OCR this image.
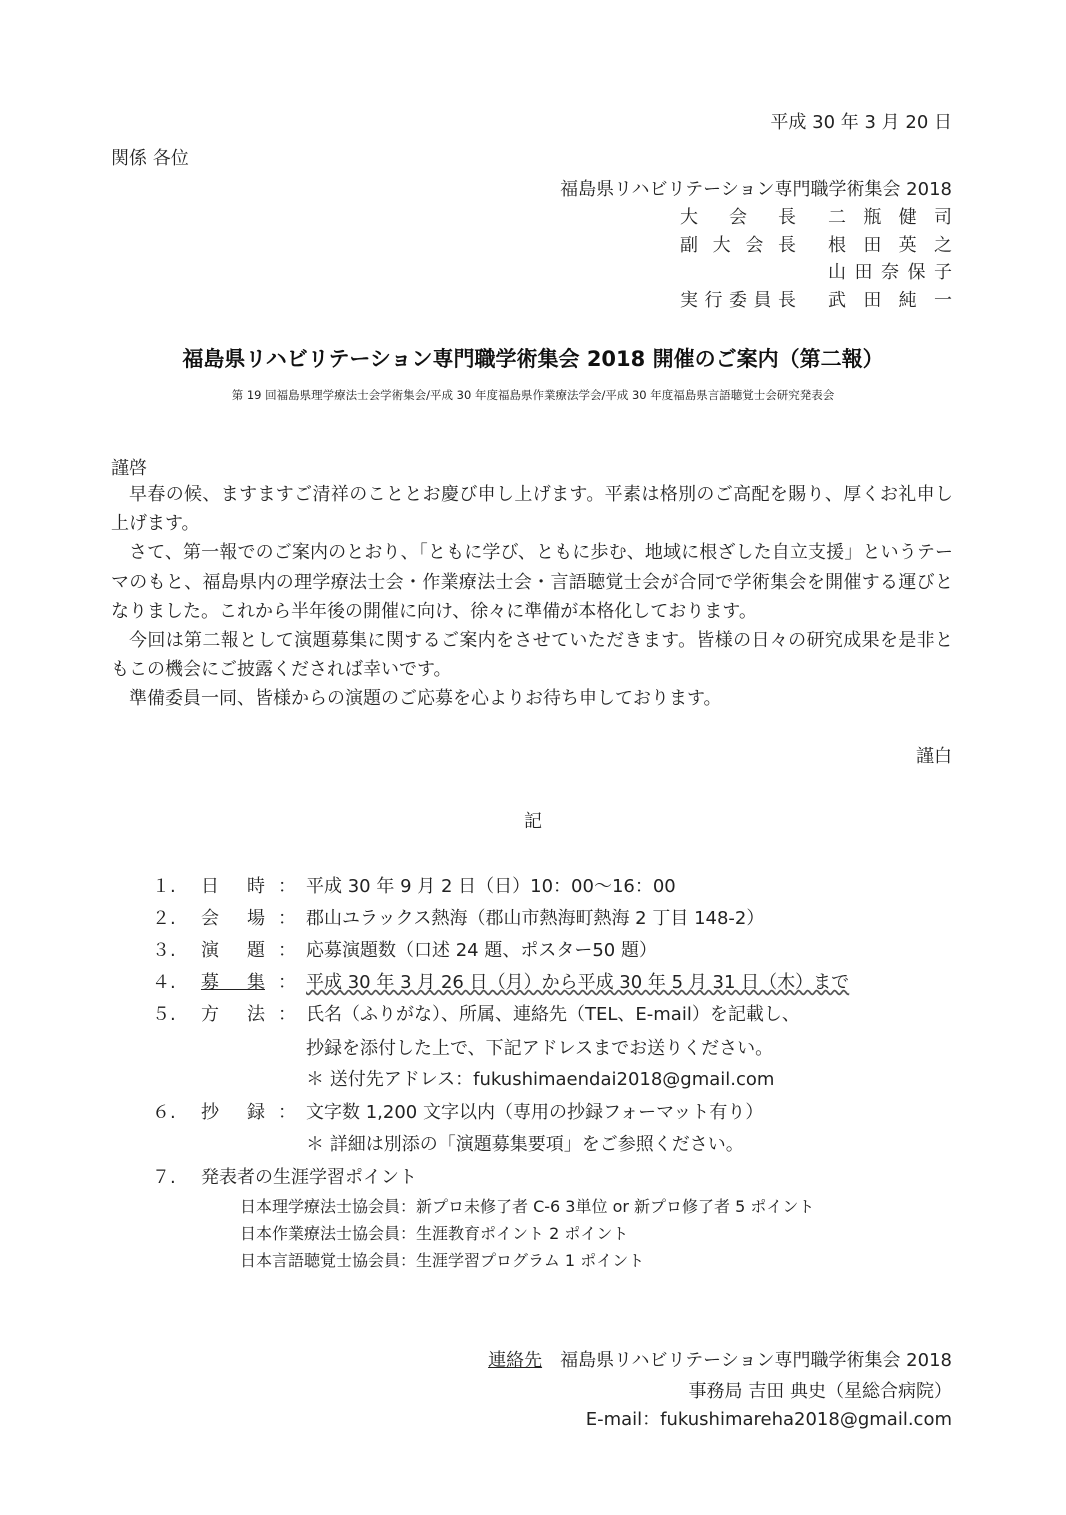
平成 30 年 3 月 20 日
関係 各位
福島県リハビリテーション専門職学術集会 2018
大会長 二瓶健司
副大会長 根田英之
山田奈保子
実行委員長 武田純一
福島県リハビリテーション専門職学術集会 2018 開催のご案内（第二報）
第 19 回福島県理学療法士会学術集会/平成 30 年度福島県作業療法学会/平成 30 年度福島県言語聴覚士会研究発表会
謹啓

早春の候、ますますご清祥のこととお慶び申し上げます。平素は格別のご高配を賜り、厚くお礼申し上げます。

さて、第一報でのご案内のとおり、「ともに学び、ともに歩む、地域に根ざした自立支援」というテーマのもと、福島県内の理学療法士会・作業療法士会・言語聴覚士会が合同で学術集会を開催する運びとなりました。これから半年後の開催に向け、徐々に準備が本格化しております。

今回は第二報として演題募集に関するご案内をさせていただきます。皆様の日々の研究成果を是非ともこの機会にご披露くだされば幸いです。

準備委員一同、皆様からの演題のご応募を心よりお待ち申しております。

謹白
記
１.	日時 ： 平成 30 年 9 月 2 日（日）10：00〜16：00
２.	会場 ： 郡山ユラックス熱海（郡山市熱海町熱海 2 丁目 148-2）
３.	演題 ： 応募演題数（口述 24 題、ポスター50 題）
４.	募集 ： 平成 30 年 3 月 26 日（月）から平成 30 年 5 月 31 日（木）まで
５.	方法 ： 氏名（ふりがな）、所属、連絡先（TEL、E-mail）を記載し、
抄録を添付した上で、下記アドレスまでお送りください。
＊ 送付先アドレス：fukushimaendai2018@gmail.com
６.	抄録 ： 文字数 1,200 文字以内（専用の抄録フォーマット有り）
＊ 詳細は別添の「演題募集要項」をご参照ください。
７.	発表者の生涯学習ポイント
日本理学療法士協会員：新プロ未修了者 C-6 3単位 or 新プロ修了者 5 ポイント
日本作業療法士協会員：生涯教育ポイント 2 ポイント
日本言語聴覚士協会員：生涯学習プログラム 1 ポイント
連絡先　 福島県リハビリテーション専門職学術集会 2018
事務局 吉田 典史（星総合病院）
E-mail：fukushimareha2018@gmail.com
